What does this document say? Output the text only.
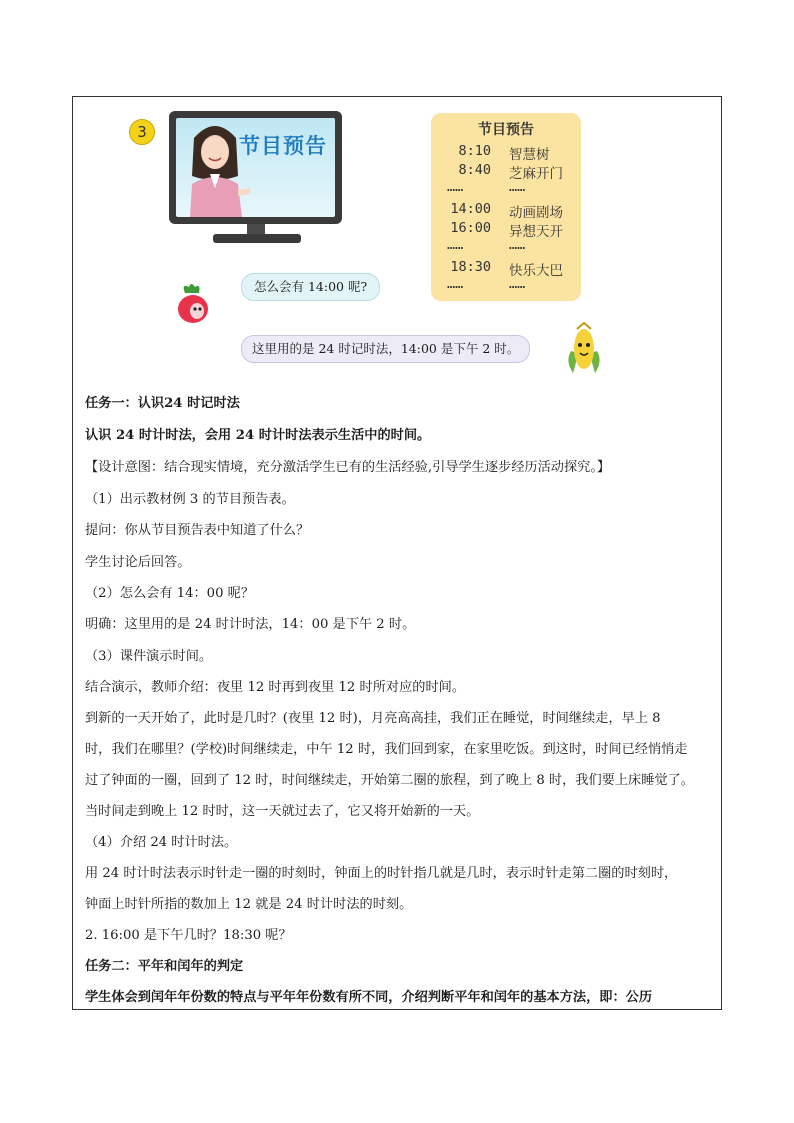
3
节目预告
节目预告
8:10 智慧树
8:40 芝麻开门
……	……
14:00 动画剧场
16:00 异想天开
……	……
18:30 快乐大巴
……	……
怎么会有 14:00 呢?
这里用的是 24 时记时法，14:00 是下午 2 时。
任务一：认识24 时记时法
认识 24 时计时法，会用 24 时计时法表示生活中的时间。
【设计意图：结合现实情境，充分激活学生已有的生活经验,引导学生逐步经历活动探究。】
（1）出示教材例 3 的节目预告表。
提问：你从节目预告表中知道了什么？
学生讨论后回答。
（2）怎么会有 14：00 呢？
明确：这里用的是 24 时计时法，14：00 是下午 2 时。
（3）课件演示时间。
结合演示，教师介绍：夜里 12 时再到夜里 12 时所对应的时间。
到新的一天开始了，此时是几时？(夜里 12 时)，月亮高高挂，我们正在睡觉，时间继续走，早上 8
时，我们在哪里？(学校)时间继续走，中午 12 时，我们回到家，在家里吃饭。到这时，时间已经悄悄走
过了钟面的一圈，回到了 12 时，时间继续走，开始第二圈的旅程，到了晚上 8 时，我们要上床睡觉了。
当时间走到晚上 12 时时，这一天就过去了，它又将开始新的一天。
（4）介绍 24 时计时法。
用 24 时计时法表示时针走一圈的时刻时，钟面上的时针指几就是几时，表示时针走第二圈的时刻时，
钟面上时针所指的数加上 12 就是 24 时计时法的时刻。
2. 16:00 是下午几时？18:30 呢？
任务二：平年和闰年的判定
学生体会到闰年年份数的特点与平年年份数有所不同，介绍判断平年和闰年的基本方法，即：公历
